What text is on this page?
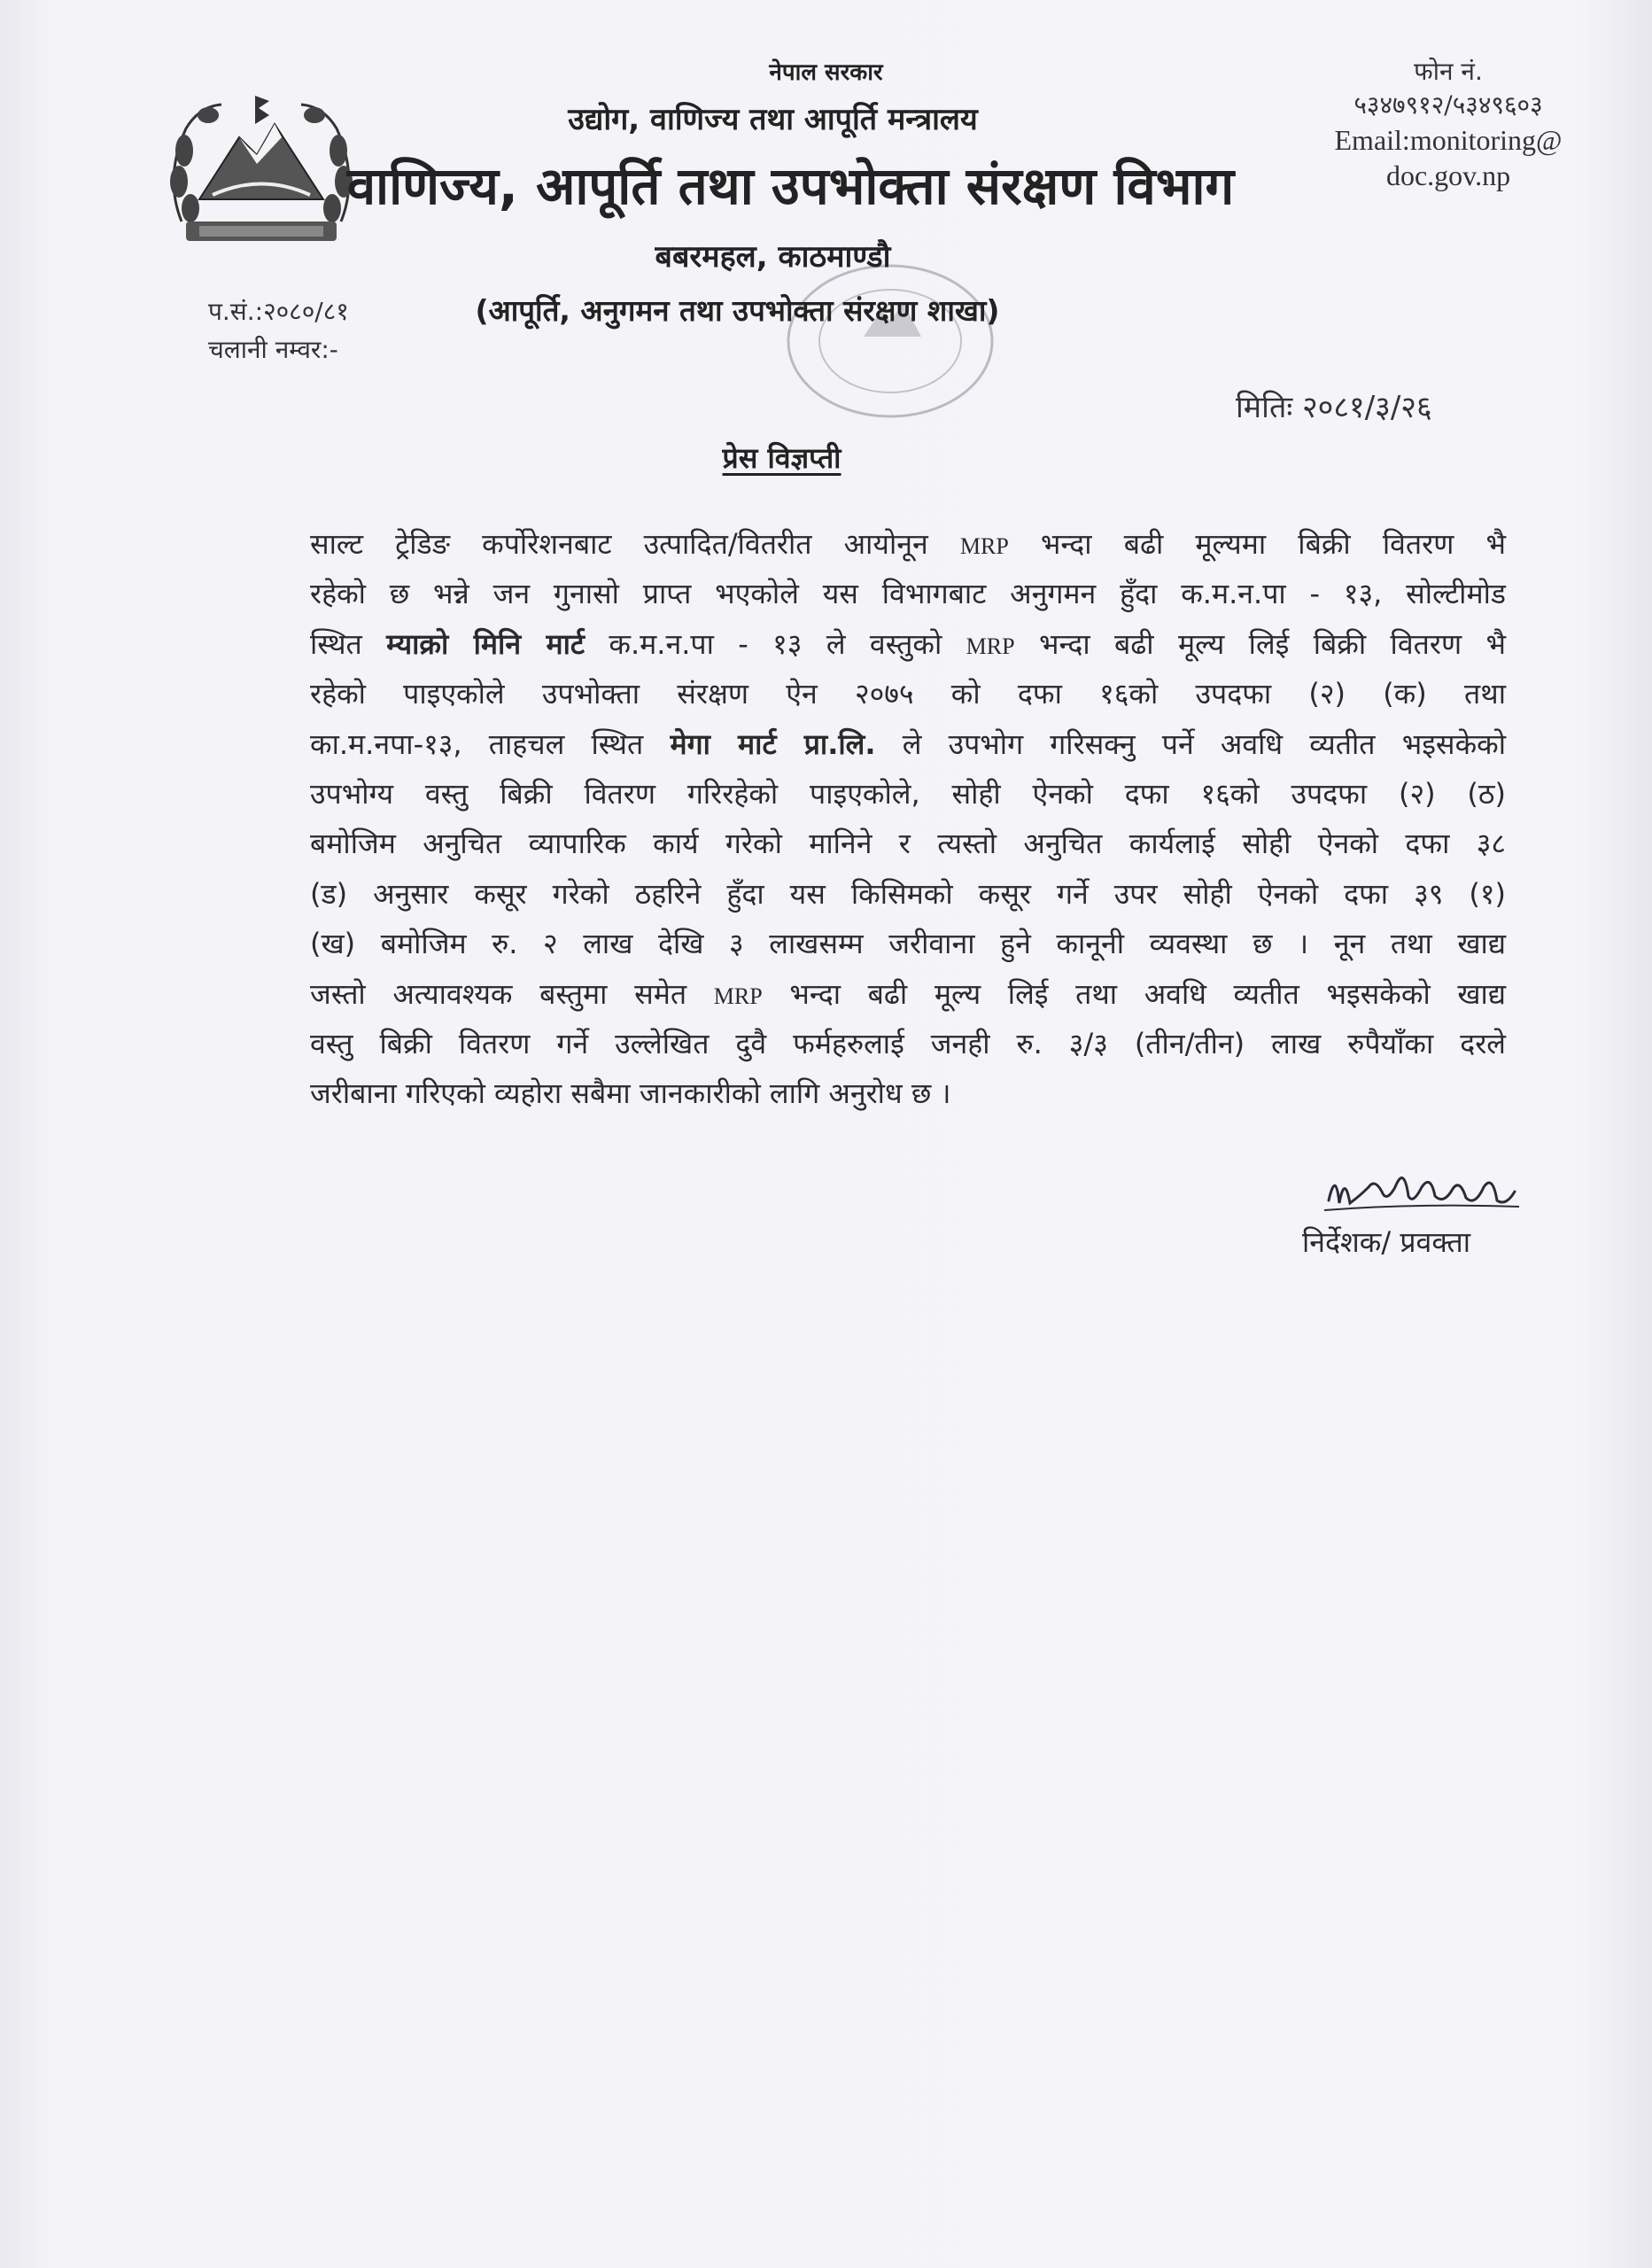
नेपाल सरकार
उद्योग, वाणिज्य तथा आपूर्ति मन्त्रालय
वाणिज्य, आपूर्ति तथा उपभोक्ता संरक्षण विभाग
बबरमहल, काठमाण्डौ
(आपूर्ति, अनुगमन तथा उपभोक्ता संरक्षण शाखा)
फोन नं.
५३४७९१२/५३४९६०३
Email:monitoring@
doc.gov.np
प.सं.:२०८०/८१
चलानी नम्वर:-
मितिः २०८१/३/२६
प्रेस विज्ञप्ती
साल्ट ट्रेडिङ कर्पोरेशनबाट उत्पादित/वितरीत आयोनून MRP भन्दा बढी मूल्यमा बिक्री वितरण भै
रहेको छ भन्ने जन गुनासो प्राप्त भएकोले यस विभागबाट अनुगमन हुँदा क.म.न.पा - १३, सोल्टीमोड
स्थित म्याक्रो मिनि मार्ट क.म.न.पा - १३ ले वस्तुको MRP भन्दा बढी मूल्य लिई बिक्री वितरण भै
रहेको पाइएकोले उपभोक्ता संरक्षण ऐन २०७५ को दफा १६को उपदफा (२) (क) तथा
का.म.नपा-१३, ताहचल स्थित मेगा मार्ट प्रा.लि. ले उपभोग गरिसक्नु पर्ने अवधि व्यतीत भइसकेको
उपभोग्य वस्तु बिक्री वितरण गरिरहेको पाइएकोले, सोही ऐनको दफा १६को उपदफा (२) (ठ)
बमोजिम अनुचित व्यापारिक कार्य गरेको मानिने र त्यस्तो अनुचित कार्यलाई सोही ऐनको दफा ३८
(ड) अनुसार कसूर गरेको ठहरिने हुँदा यस किसिमको कसूर गर्ने उपर सोही ऐनको दफा ३९ (१)
(ख) बमोजिम रु. २ लाख देखि ३ लाखसम्म जरीवाना हुने कानूनी व्यवस्था छ । नून तथा खाद्य
जस्तो अत्यावश्यक बस्तुमा समेत MRP भन्दा बढी मूल्य लिई तथा अवधि व्यतीत भइसकेको खाद्य
वस्तु बिक्री वितरण गर्ने उल्लेखित दुवै फर्महरुलाई जनही रु. ३/३ (तीन/तीन) लाख रुपैयाँका दरले
जरीबाना गरिएको व्यहोरा सबैमा जानकारीको लागि अनुरोध छ ।
निर्देशक/ प्रवक्ता
